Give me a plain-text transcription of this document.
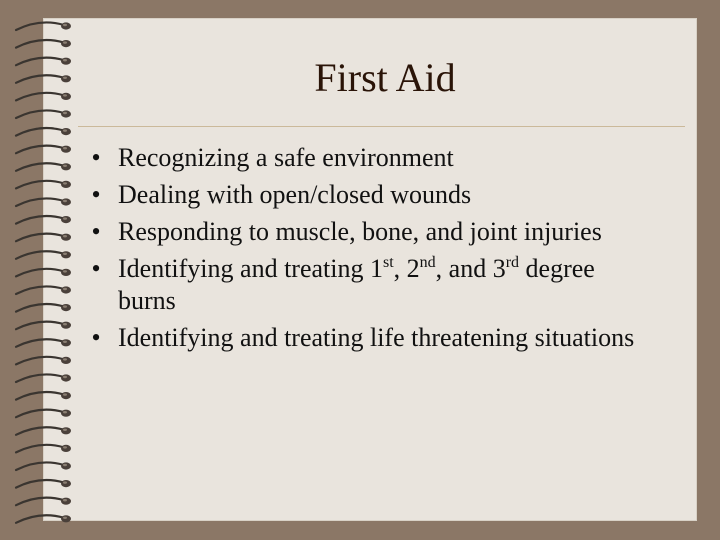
First Aid
• Recognizing a safe environment
• Dealing with open/closed wounds
• Responding to muscle, bone, and joint injuries
• Identifying and treating 1st, 2nd, and 3rd degree burns
• Identifying and treating life threatening situations
